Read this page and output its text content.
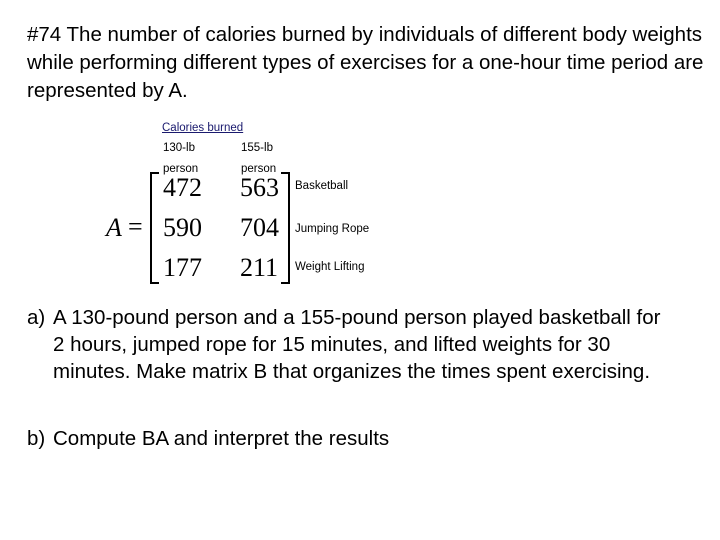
#74 The number of calories burned by individuals of different body weights while performing different types of exercises for a one-hour time period are represented by A.

Calories burned

130-lb	155-lb

person	person

A =

472 563

590 704

177 211

Basketball

Jumping Rope

Weight Lifting

a) A 130-pound person and a 155-pound person played basketball for 2 hours, jumped rope for 15 minutes, and lifted weights for 30 minutes. Make matrix B that organizes the times spent exercising.
b) Compute BA and interpret the results
